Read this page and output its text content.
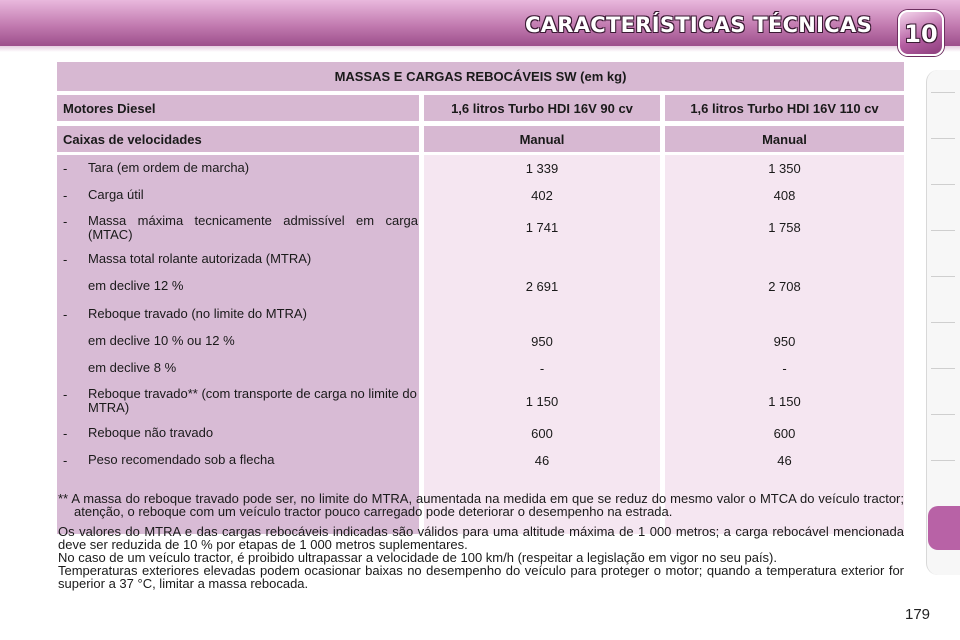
CARACTERÍSTICAS TÉCNICAS 10
MASSAS E CARGAS REBOCÁVEIS SW (em kg)
Motores Diesel	1,6 litros Turbo HDI 16V 90 cv	1,6 litros Turbo HDI 16V 110 cv
Caixas de velocidades	Manual	Manual
- Tara (em ordem de marcha)	1 339	1 350
- Carga útil	402	408
- Massa máxima tecnicamente admissível em carga (MTAC)	1 741	1 758
- Massa total rolante autorizada (MTRA)
em declive 12 %	2 691	2 708
- Reboque travado (no limite do MTRA)
em declive 10 % ou 12 %	950	950
em declive 8 %	-	-
- Reboque travado** (com transporte de carga no limite do MTRA)	1 150	1 150
- Reboque não travado	600	600
- Peso recomendado sob a flecha	46	46

** A massa do reboque travado pode ser, no limite do MTRA, aumentada na medida em que se reduz do mesmo valor o MTCA do veículo tractor; atenção, o reboque com um veículo tractor pouco carregado pode deteriorar o desempenho na estrada.

Os valores do MTRA e das cargas rebocáveis indicadas são válidos para uma altitude máxima de 1 000 metros; a carga rebocável mencionada deve ser reduzida de 10 % por etapas de 1 000 metros suplementares.

No caso de um veículo tractor, é proibido ultrapassar a velocidade de 100 km/h (respeitar a legislação em vigor no seu país).

Temperaturas exteriores elevadas podem ocasionar baixas no desempenho do veículo para proteger o motor; quando a temperatura exterior for superior a 37 °C, limitar a massa rebocada.

179
